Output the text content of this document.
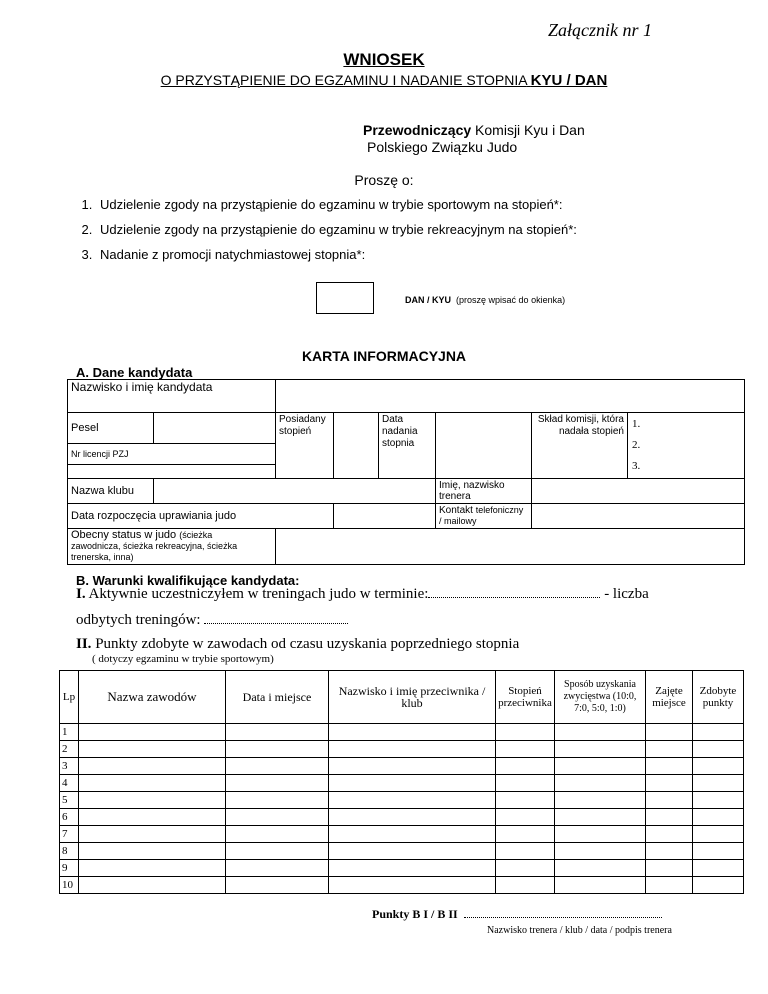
Załącznik nr 1
WNIOSEK
O PRZYSTĄPIENIE DO EGZAMINU I NADANIE STOPNIA KYU / DAN
Przewodniczący Komisji Kyu i Dan
Polskiego Związku Judo
Proszę o:
1. Udzielenie zgody na przystąpienie do egzaminu w trybie sportowym na stopień*:
2. Udzielenie zgody na przystąpienie do egzaminu w trybie rekreacyjnym na stopień*:
3. Nadanie z promocji natychmiastowej stopnia*:
DAN / KYU (proszę wpisać do okienka)
KARTA INFORMACYJNA
A. Dane kandydata
Nazwisko i imię kandydata							
Pesel		Posiadany stopień		Data nadania stopnia		Skład komisji, która nadała stopień	1.
2.
3.

Nr licencji PZJ							

Nazwa klubu					Imię, nazwisko trenera		
Data rozpoczęcia uprawiania judo					Kontakt telefoniczny / mailowy		
Obecny status w judo (ścieżka
zawodnicza, ścieżka rekreacyjna, ścieżka trenerska, inna)							
B. Warunki kwalifikujące kandydata:
I. Aktywnie uczestniczyłem w treningach judo w terminie:	- liczba
odbytych treningów:
II. Punkty zdobyte w zawodach od czasu uzyskania poprzedniego stopnia
( dotyczy egzaminu w trybie sportowym)
Lp	Nazwa zawodów	Data i miejsce	Nazwisko i imię przeciwnika / klub	Stopień przeciwnika	Sposób uzyskania zwycięstwa (10:0, 7:0, 5:0, 1:0)	Zajęte miejsce	Zdobyte punkty
1							
2							
3							
4							
5							
6							
7							
8							
9							
10							
Punkty B I / B II
Nazwisko trenera / klub / data / podpis trenera
